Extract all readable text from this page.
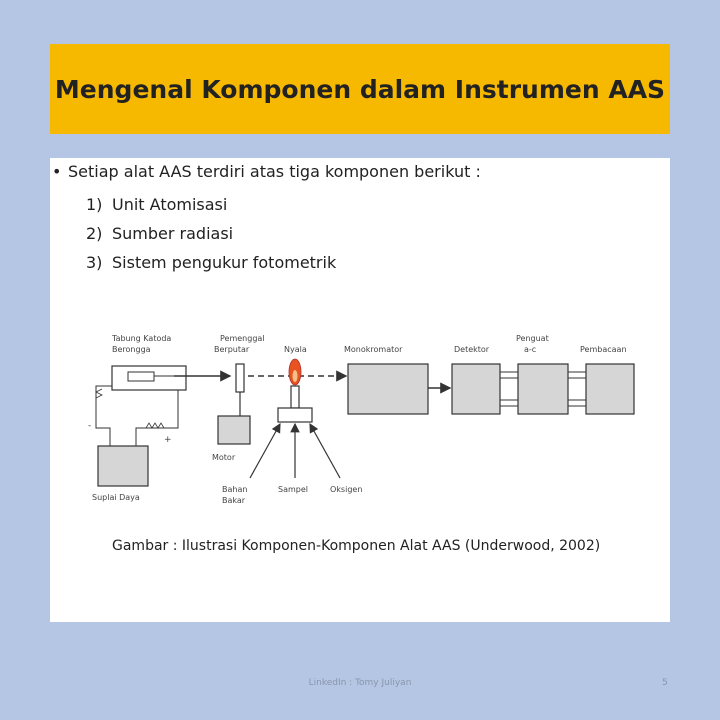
Mengenal Komponen dalam Instrumen AAS
• Setiap alat AAS terdiri atas tiga komponen berikut :
1) Unit Atomisasi
2) Sumber radiasi
3) Sistem pengukur fotometrik
Tabung Katoda
Berongga
Pemenggal
Berputar	Nyala	Monokromator	Detektor
Penguat
a-c	Pembacaan
Motor
Bahan
Bakar
Sampel	Oksigen
-
+
Suplai Daya
Gambar : Ilustrasi Komponen-Komponen Alat AAS (Underwood, 2002)
LinkedIn : Tomy Juliyan	5
